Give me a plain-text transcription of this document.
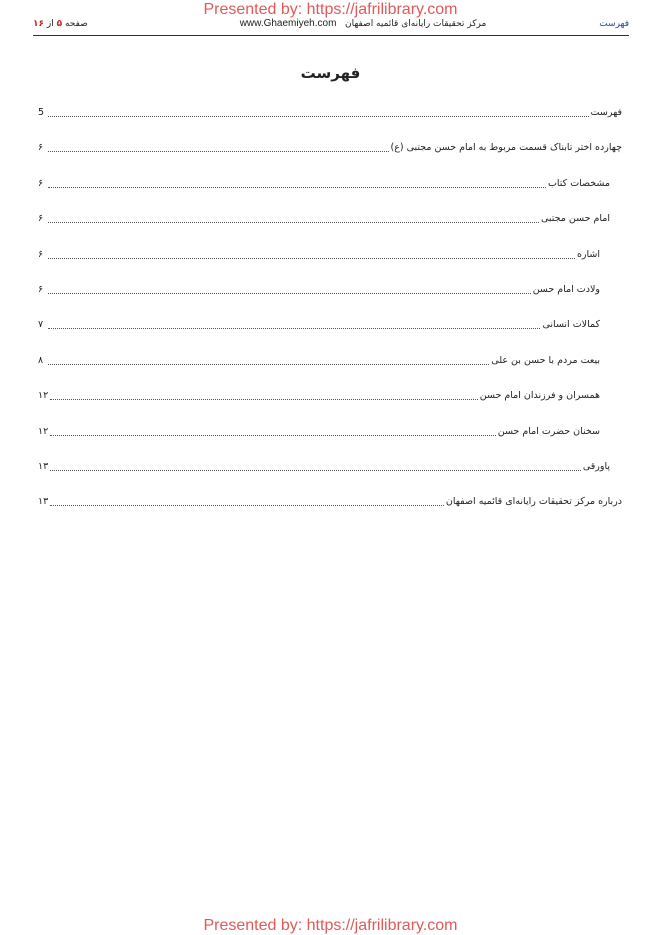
Presented by: https://jafrilibrary.com
فهرست
مرکز تحقیقات رایانه‌ای قائمیه اصفهان   www.Ghaemiyeh.com
صفحه ۵ از ۱۶
فهرست
فهرست
5
چهارده اختر تابناک قسمت مربوط به امام حسن مجتبی (ع)
۶
مشخصات کتاب
۶
امام حسن مجتبی
۶
اشاره
۶
ولادت امام حسن
۶
کمالات انسانی
۷
بیعت مردم با حسن بن علی
۸
همسران و فرزندان امام حسن
۱۲
سخنان حضرت امام حسن
۱۲
پاورقی
۱۳
درباره مرکز تحقیقات رایانه‌ای قائمیه اصفهان
۱۳
Presented by: https://jafrilibrary.com
